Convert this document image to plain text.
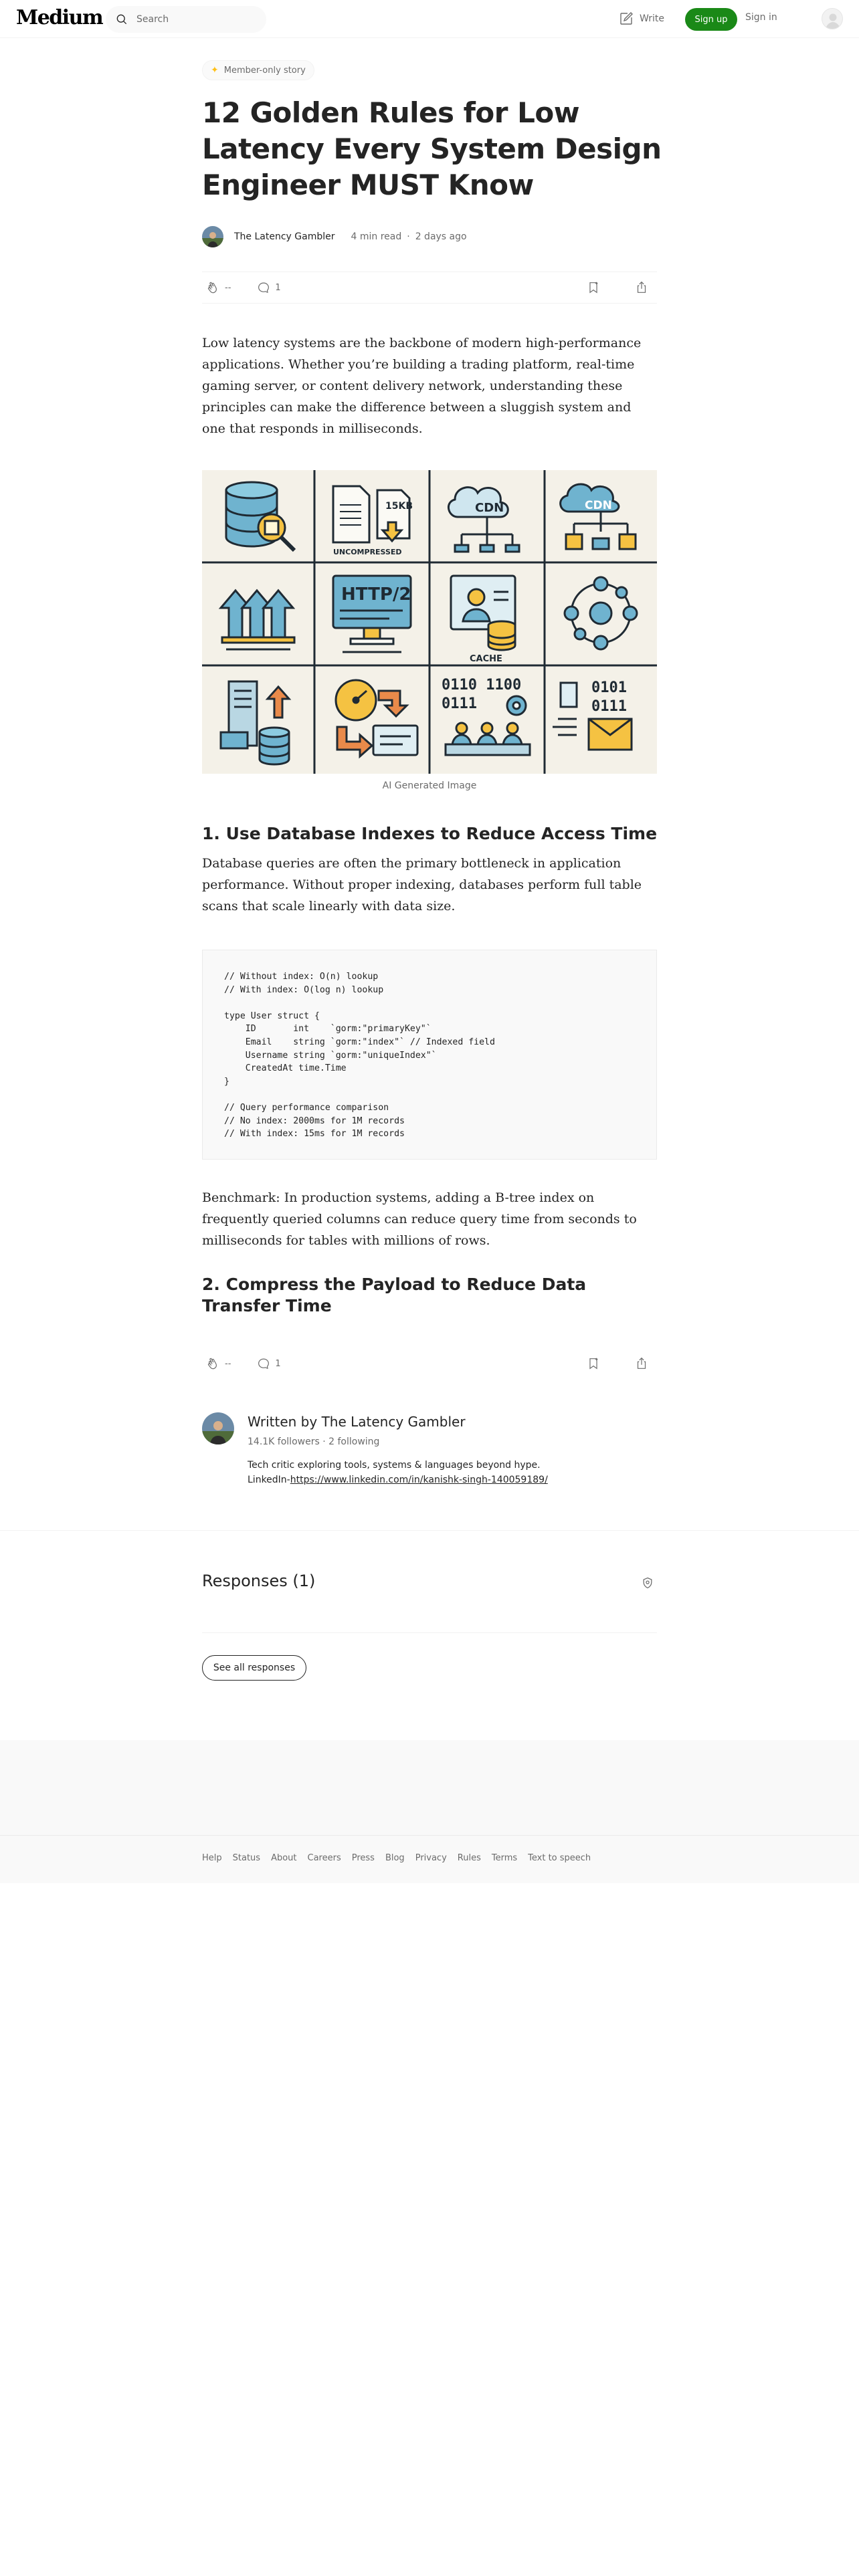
Medium
Search	Write	Sign up	Sign in
✦ Member-only story
12 Golden Rules for Low Latency Every System Design Engineer MUST Know
The Latency Gambler 4 min read · 2 days ago
--	1

Low latency systems are the backbone of modern high-performance applications. Whether you’re building a trading platform, real-time gaming server, or content delivery network, understanding these principles can make the difference between a sluggish system and one that responds in milliseconds.

15KB
UNCOMPRESSED
CDN	CDN
HTTP/2
CACHE
0110 1100
0111
0101
0111
AI Generated Image
1. Use Database Indexes to Reduce Access Time

Database queries are often the primary bottleneck in application performance. Without proper indexing, databases perform full table scans that scale linearly with data size.

// Without index: O(n) lookup
// With index: O(log n) lookup

type User struct {
ID       int    `gorm:"primaryKey"`
Email    string `gorm:"index"` // Indexed field
Username string `gorm:"uniqueIndex"`
CreatedAt time.Time
}

// Query performance comparison
// No index: 2000ms for 1M records
// With index: 15ms for 1M records

Benchmark: In production systems, adding a B-tree index on frequently queried columns can reduce query time from seconds to milliseconds for tables with millions of rows.

2. Compress the Payload to Reduce Data Transfer Time
--	1
Written by The Latency Gambler
14.1K followers · 2 following
Tech critic exploring tools, systems & languages beyond hype.
LinkedIn-https://www.linkedin.com/in/kanishk-singh-140059189/
Responses (1)
See all responses
Help Status About Careers Press Blog Privacy Rules Terms Text to speech
